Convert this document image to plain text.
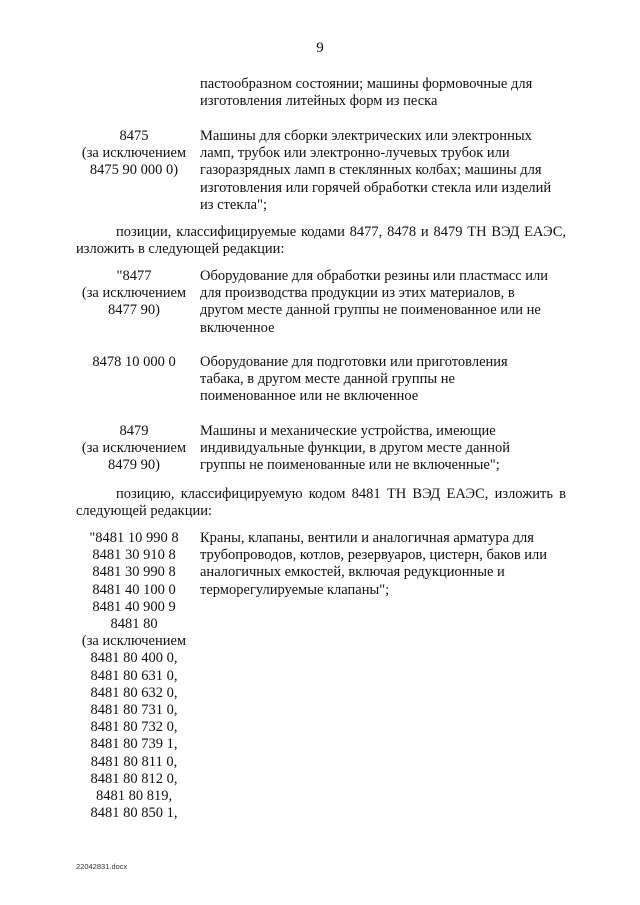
9
пастообразном состоянии; машины формовочные для
изготовления литейных форм из песка
8475
(за исключением
8475 90 000 0)
Машины для сборки электрических или электронных
ламп, трубок или электронно-лучевых трубок или
газоразрядных ламп в стеклянных колбах; машины для
изготовления или горячей обработки стекла или изделий
из стекла";
позиции, классифицируемые кодами 8477, 8478 и 8479 ТН ВЭД ЕАЭС, изложить в следующей редакции:
"8477
(за исключением
8477 90)
Оборудование для обработки резины или пластмасс или
для производства продукции из этих материалов, в
другом месте данной группы не поименованное или не
включенное
8478 10 000 0	Оборудование для подготовки или приготовления
табака, в другом месте данной группы не
поименованное или не включенное
8479
(за исключением
8479 90)
Машины и механические устройства, имеющие
индивидуальные функции, в другом месте данной
группы не поименованные или не включенные";
позицию, классифицируемую кодом 8481 ТН ВЭД ЕАЭС, изложить в следующей редакции:
"8481 10 990 8
8481 30 910 8
8481 30 990 8
8481 40 100 0
8481 40 900 9
8481 80
(за исключением
8481 80 400 0,
8481 80 631 0,
8481 80 632 0,
8481 80 731 0,
8481 80 732 0,
8481 80 739 1,
8481 80 811 0,
8481 80 812 0,
8481 80 819,
8481 80 850 1,
Краны, клапаны, вентили и аналогичная арматура для
трубопроводов, котлов, резервуаров, цистерн, баков или
аналогичных емкостей, включая редукционные и
терморегулируемые клапаны";
22042831.docx
